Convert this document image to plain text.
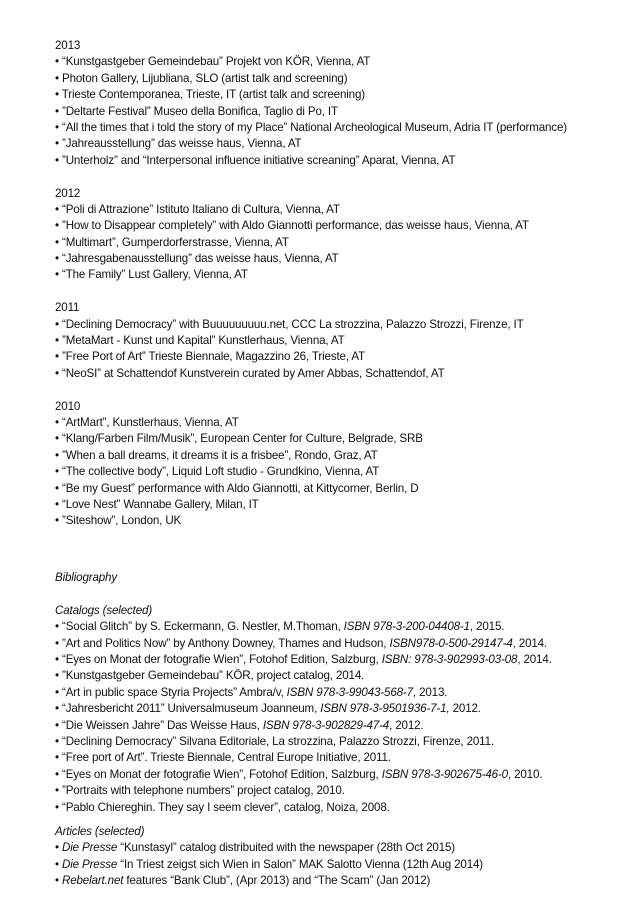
2013
• “Kunstgastgeber Gemeindebau” Projekt von KÖR, Vienna, AT
• Photon Gallery, Lijubliana, SLO (artist talk and screening)
• Trieste Contemporanea, Trieste, IT (artist talk and screening)
• ”Deltarte Festival” Museo della Bonifica, Taglio di Po, IT
• “All the times that i told the story of my Place” National Archeological Museum, Adria IT (performance)
• ”Jahreausstellung” das weisse haus, Vienna, AT
• ”Unterholz” and “Interpersonal influence initiative screaning” Aparat, Vienna, AT
2012
• “Poli di Attrazione” Istituto Italiano di Cultura, Vienna, AT
• ”How to Disappear completely” with Aldo Giannotti performance, das weisse haus, Vienna, AT
• “Multimart”, Gumperdorferstrasse, Vienna, AT
• “Jahresgabenausstellung” das weisse haus, Vienna, AT
• “The Family” Lust Gallery, Vienna, AT
2011
• “Declining Democracy” with Buuuuuuuuu.net, CCC La strozzina, Palazzo Strozzi, Firenze, IT
• ”MetaMart - Kunst und Kapital” Kunstlerhaus, Vienna, AT
• ”Free Port of Art” Trieste Biennale, Magazzino 26, Trieste, AT
• “NeoSI” at Schattendof Kunstverein curated by Amer Abbas, Schattendof, AT
2010
• “ArtMart”, Kunstlerhaus, Vienna, AT
• “Klang/Farben Film/Musik”, European Center for Culture, Belgrade, SRB
• ”When a ball dreams, it dreams it is a frisbee”, Rondo, Graz, AT
• “The collective body”, Liquid Loft studio - Grundkino, Vienna, AT
• “Be my Guest” performance with Aldo Giannotti, at Kittycorner, Berlin, D
• “Love Nest” Wannabe Gallery, Milan, IT
• ”Siteshow”, London, UK
Bibliography
Catalogs (selected)
• “Social Glitch” by S. Eckermann, G. Nestler, M.Thoman, ISBN 978-3-200-04408-1, 2015.
• ”Art and Politics Now” by Anthony Downey, Thames and Hudson, ISBN978-0-500-29147-4, 2014.
• “Eyes on Monat der fotografie Wien”, Fotohof Edition, Salzburg, ISBN: 978-3-902993-03-08, 2014.
• ”Kunstgastgeber Gemeindebau” KÖR, project catalog, 2014.
• “Art in public space Styria Projects” Ambra/v, ISBN 978-3-99043-568-7, 2013.
• “Jahresbericht 2011” Universalmuseum Joanneum, ISBN 978-3-9501936-7-1, 2012.
• “Die Weissen Jahre” Das Weisse Haus, ISBN 978-3-902829-47-4, 2012.
• “Declining Democracy” Silvana Editoriale, La strozzina, Palazzo Strozzi, Firenze, 2011.
• “Free port of Art”. Trieste Biennale, Central Europe Initiative, 2011.
• “Eyes on Monat der fotografie Wien”, Fotohof Edition, Salzburg, ISBN 978-3-902675-46-0, 2010.
• ”Portraits with telephone numbers” project catalog, 2010.
• “Pablo Chiereghin. They say I seem clever”, catalog, Noiza, 2008.
Articles (selected)
• Die Presse “Kunstasyl” catalog distribuited with the newspaper (28th Oct 2015)
• Die Presse “In Triest zeigst sich Wien in Salon” MAK Salotto Vienna (12th Aug 2014)
• Rebelart.net features “Bank Club”, (Apr 2013) and “The Scam” (Jan 2012)
